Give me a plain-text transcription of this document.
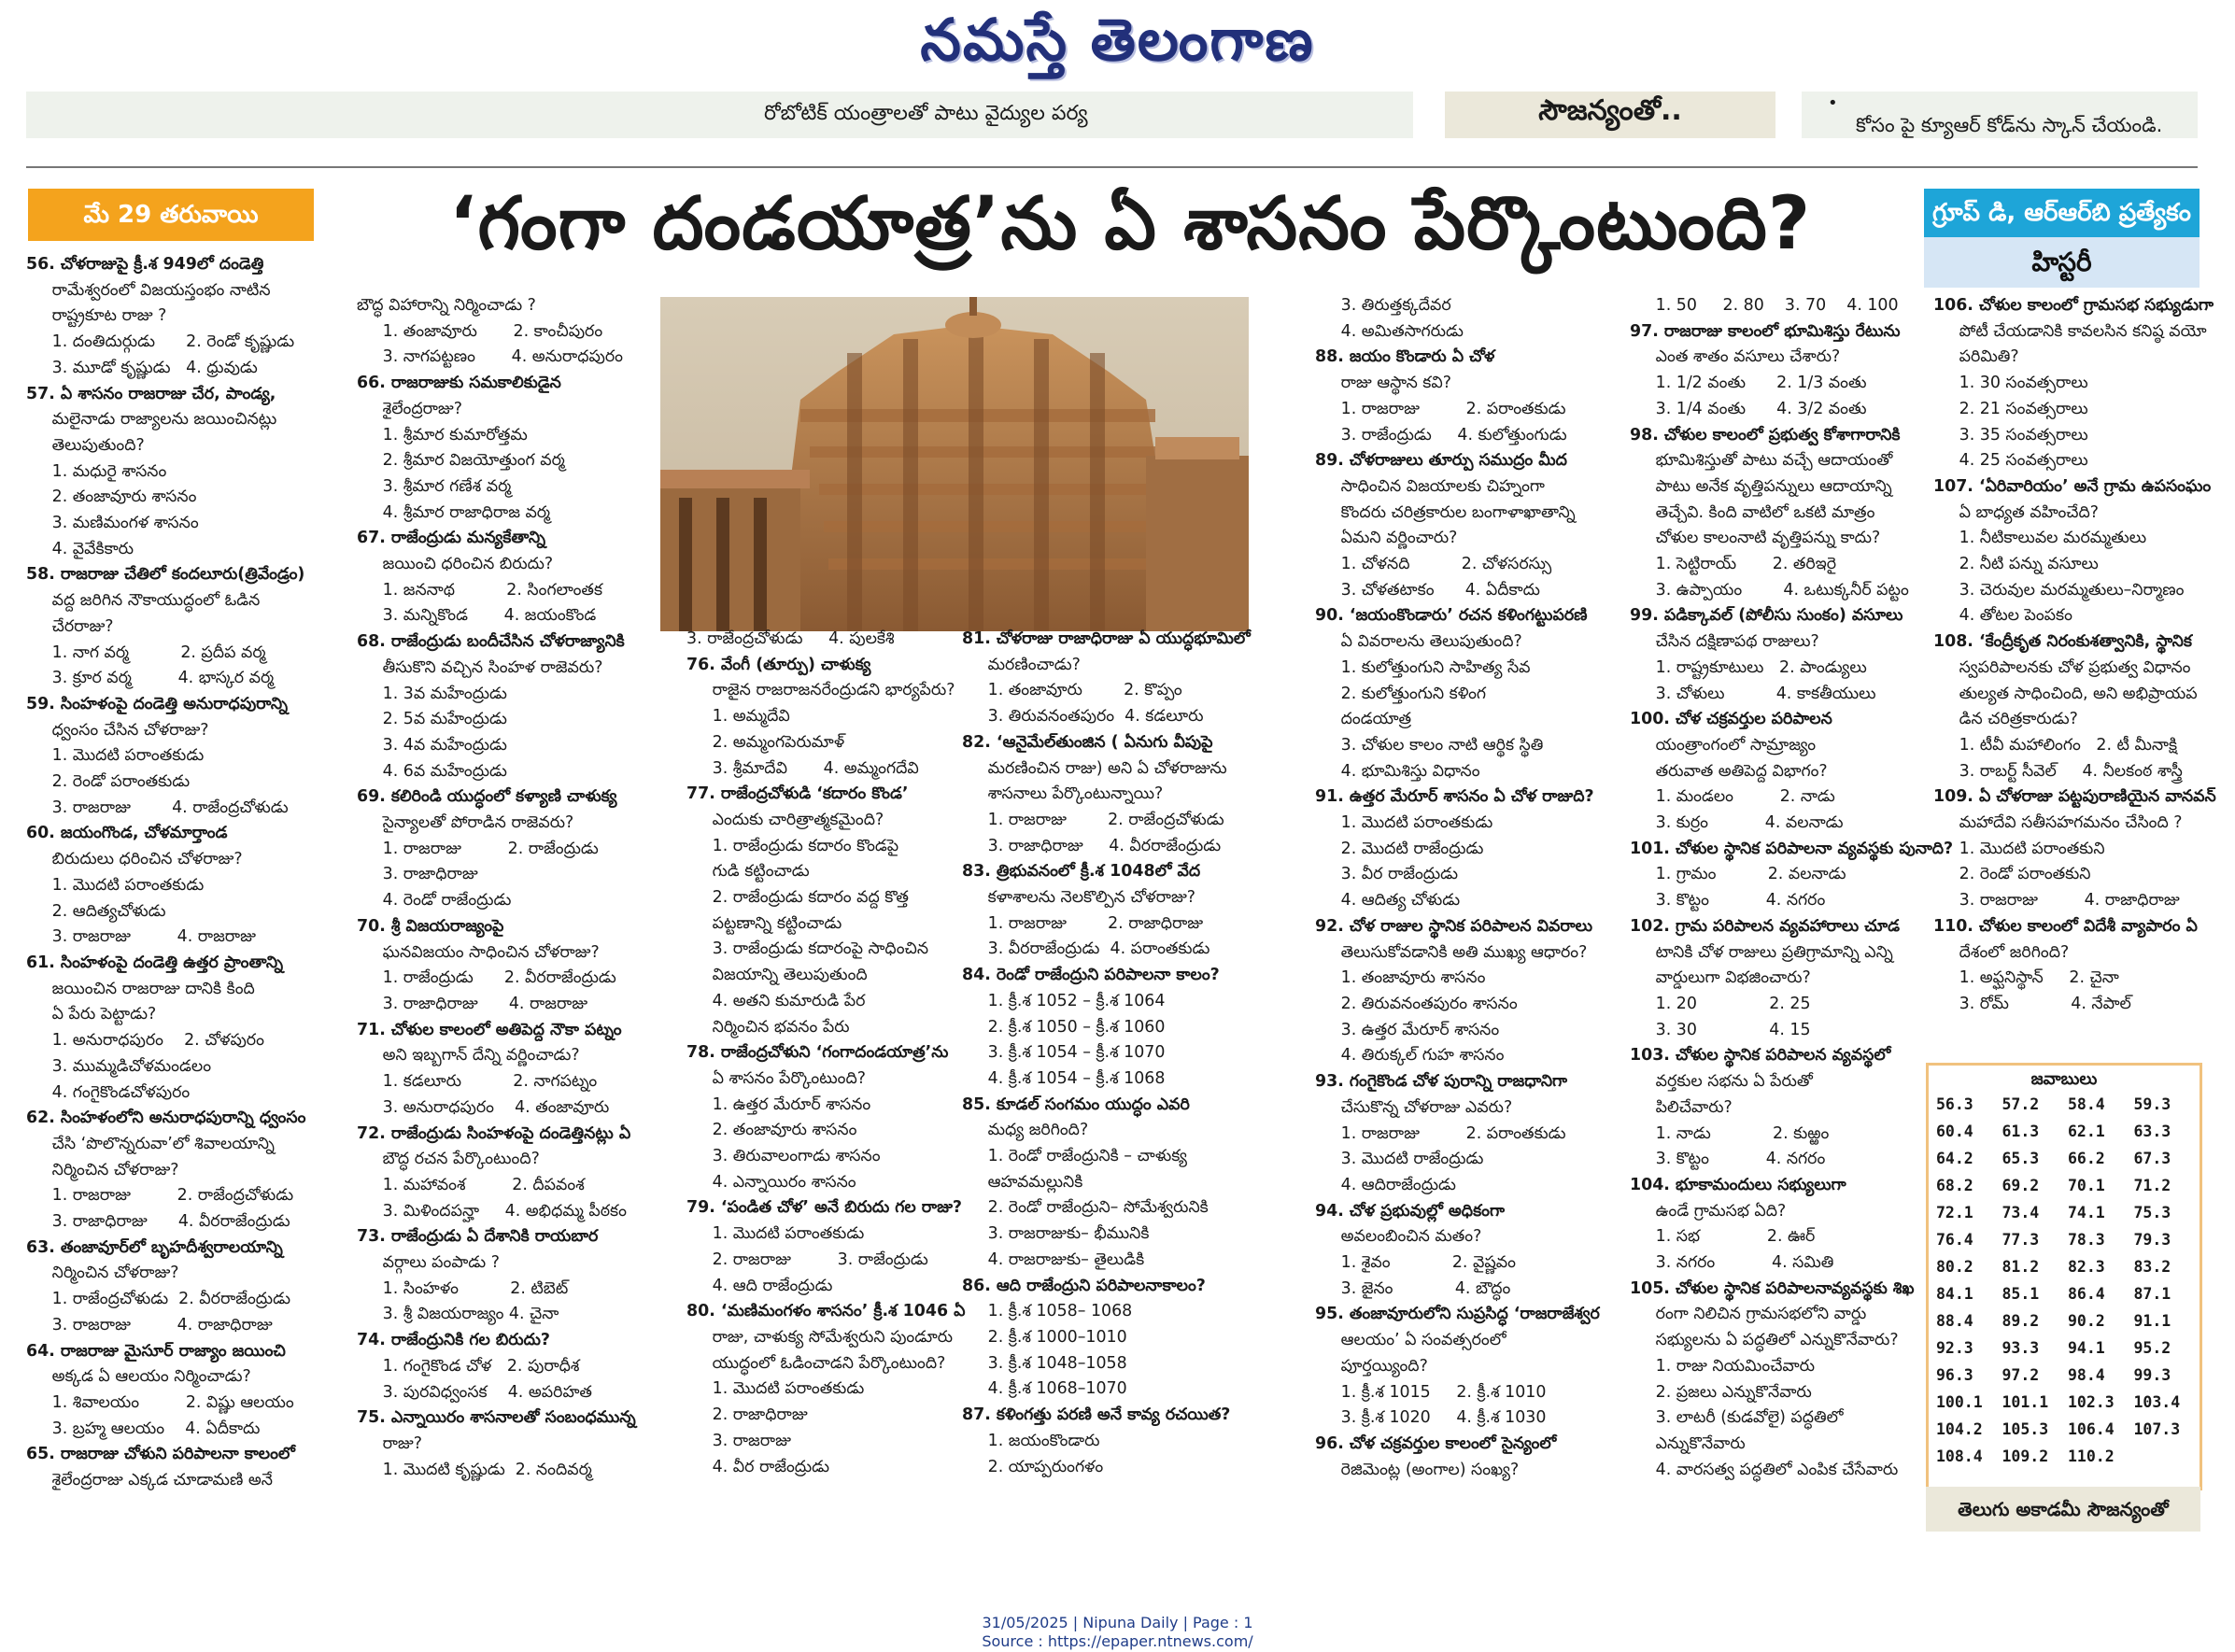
నమస్తే తెలంగాణ
రోబోటిక్ యంత్రాలతో పాటు వైద్యుల పర్య	సౌజన్యంతో..	•
కోసం పై క్యూఆర్ కోడ్‌ను స్కాన్ చేయండి.
మే 29 తరువాయి	‘గంగా దండయాత్ర’ను ఏ శాసనం పేర్కొంటుంది?	గ్రూప్ డి, ఆర్‌ఆర్‌బి ప్రత్యేకం
హిస్టరీ
56. చోళరాజుపై క్రీ.శ 949లో దండెత్తి
రామేశ్వరంలో విజయస్తంభం నాటిన
రాష్ట్రకూట రాజు ?
1. దంతిదుర్గుడు      2. రెండో కృష్ణుడు
3. మూడో కృష్ణుడు   4. ధ్రువుడు
57. ఏ శాసనం రాజరాజు చేర, పాండ్య,
మలైనాడు రాజ్యాలను జయించినట్లు
తెలుపుతుంది?
1. మధురై శాసనం
2. తంజావూరు శాసనం
3. మణిమంగళ శాసనం
4. వైవేకికారు
58. రాజరాజు చేతిలో కందలూరు(త్రివేండ్రం)
వద్ద జరిగిన నౌకాయుద్ధంలో ఓడిన
చేరరాజు?
1. నాగ వర్మ          2. ప్రదీప వర్మ
3. క్రూర వర్మ         4. భాస్కర వర్మ
59. సింహళంపై దండెత్తి అనురాధపురాన్ని
ధ్వంసం చేసిన చోళరాజు?
1. మొదటి పరాంతకుడు
2. రెండో పరాంతకుడు
3. రాజరాజు        4. రాజేంద్రచోళుడు
60. జయంగొండ, చోళమార్తాండ
బిరుదులు ధరించిన చోళరాజు?
1. మొదటి పరాంతకుడు
2. ఆదిత్యచోళుడు
3. రాజరాజు         4. రాజరాజు
61. సింహళంపై దండెత్తి ఉత్తర ప్రాంతాన్ని
జయించిన రాజరాజు దానికి కింది
ఏ పేరు పెట్టాడు?
1. అనురాధపురం    2. చోళపురం
3. ముమ్మడిచోళమండలం
4. గంగైకొండచోళపురం
62. సింహళంలోని అనురాధపురాన్ని ధ్వంసం
చేసి ‘పొలొన్నరువా’లో శివాలయాన్ని
నిర్మించిన చోళరాజు?
1. రాజరాజు         2. రాజేంద్రచోళుడు
3. రాజాధిరాజు      4. వీరరాజేంద్రుడు
63. తంజావూర్‌లో బృహదీశ్వరాలయాన్ని
నిర్మించిన చోళరాజు?
1. రాజేంద్రచోళుడు  2. వీరరాజేంద్రుడు
3. రాజరాజు         4. రాజాధిరాజు
64. రాజరాజు మైసూర్ రాజ్యాం జయించి
అక్కడ ఏ ఆలయం నిర్మించాడు?
1. శివాలయం         2. విష్ణు ఆలయం
3. బ్రహ్మ ఆలయం    4. ఏదీకాదు
65. రాజరాజు చోళుని పరిపాలనా కాలంలో
శైలేంద్రరాజు ఎక్కడ చూడామణి అనే
బౌద్ధ విహారాన్ని నిర్మించాడు ?
1. తంజావూరు       2. కాంచీపురం
3. నాగపట్టణం       4. అనురాధపురం
66. రాజరాజుకు సమకాలికుడైన
శైలేంద్రరాజు?
1. శ్రీమార కుమారోత్తమ
2. శ్రీమార విజయోత్తుంగ వర్మ
3. శ్రీమార గణేశ వర్మ
4. శ్రీమార రాజాధిరాజ వర్మ
67. రాజేంద్రుడు మన్యకేతాన్ని
జయించి ధరించిన బిరుదు?
1. జననాథ          2. సింగలాంతక
3. మన్నికొండ       4. జయంకొండ
68. రాజేంద్రుడు బందీచేసిన చోళరాజ్యానికి
తీసుకొని వచ్చిన సింహళ రాజెవరు?
1. 3వ మహేంద్రుడు
2. 5వ మహేంద్రుడు
3. 4వ మహేంద్రుడు
4. 6వ మహేంద్రుడు
69. కలిరిండి యుద్ధంలో కళ్యాణి చాళుక్య
సైన్యాలతో పోరాడిన రాజెవరు?
1. రాజరాజు         2. రాజేంద్రుడు
3. రాజాధిరాజు
4. రెండో రాజేంద్రుడు
70. శ్రీ విజయరాజ్యంపై
ఘనవిజయం సాధించిన చోళరాజు?
1. రాజేంద్రుడు      2. వీరరాజేంద్రుడు
3. రాజాధిరాజు      4. రాజరాజు
71. చోళుల కాలంలో అతిపెద్ద నౌకా పట్నం
అని ఇబ్బగాన్ దేన్ని వర్ణించాడు?
1. కడలూరు          2. నాగపట్నం
3. అనురాధపురం    4. తంజావూరు
72. రాజేంద్రుడు సింహళంపై దండెత్తినట్లు ఏ
బౌద్ధ రచన పేర్కొంటుంది?
1. మహావంశ         2. దీపవంశ
3. మిళిందపన్హా     4. అభిధమ్మ పీఠకం
73. రాజేంద్రుడు ఏ దేశానికి రాయబార
వర్గాలు పంపాడు ?
1. సింహళం          2. టిబెట్
3. శ్రీ విజయరాజ్యం 4. చైనా
74. రాజేంద్రునికి గల బిరుదు?
1. గంగైకొండ చోళ   2. పురాధీశ
3. పురవిధ్వంసక    4. అపరిహత
75. ఎన్నాయిరం శాసనాలతో సంబంధమున్న
రాజు?
1. మొదటి కృష్ణుడు  2. నందివర్మ
3. రాజేంద్రచోళుడు     4. పులకేశి
76. వేంగీ (తూర్పు) చాళుక్య
రాజైన రాజరాజనరేంద్రుడని భార్యపేరు?
1. అమ్మదేవి
2. అమ్మంగపెరుమాళ్
3. శ్రీమాదేవి       4. అమ్మంగదేవి
77. రాజేంద్రచోళుడి ‘కదారం కొండ’
ఎందుకు చారిత్రాత్మకమైంది?
1. రాజేంద్రుడు కదారం కొండపై
గుడి కట్టించాడు
2. రాజేంద్రుడు కదారం వద్ద కొత్త
పట్టణాన్ని కట్టించాడు
3. రాజేంద్రుడు కదారంపై సాధించిన
విజయాన్ని తెలుపుతుంది
4. అతని కుమారుడి పేర
నిర్మించిన భవనం పేరు
78. రాజేంద్రచోళుని ‘గంగాదండయాత్ర’ను
ఏ శాసనం పేర్కొంటుంది?
1. ఉత్తర మేరూర్ శాసనం
2. తంజావూరు శాసనం
3. తిరువాలంగాడు శాసనం
4. ఎన్నాయిరం శాసనం
79. ‘పండిత చోళ’ అనే బిరుదు గల రాజు?
1. మొదటి పరాంతకుడు
2. రాజరాజు         3. రాజేంద్రుడు
4. ఆది రాజేంద్రుడు
80. ‘మణిమంగళం శాసనం’ క్రీ.శ 1046 ఏ
రాజు, చాళుక్య సోమేశ్వరుని పుండూరు
యుద్ధంలో ఓడించాడని పేర్కొంటుంది?
1. మొదటి పరాంతకుడు
2. రాజాధిరాజు
3. రాజరాజు
4. వీర రాజేంద్రుడు
81. చోళరాజు రాజాధిరాజు ఏ యుద్ధభూమిలో
మరణించాడు?
1. తంజావూరు        2. కొప్పం
3. తిరువనంతపురం  4. కడలూరు
82. ‘ఆనైమేల్‌తుంజిన ( ఏనుగు వీపుపై
మరణించిన రాజు) అని ఏ చోళరాజును
శాసనాలు పేర్కొంటున్నాయి?
1. రాజరాజు        2. రాజేంద్రచోళుడు
3. రాజాధిరాజు     4. వీరరాజేంద్రుడు
83. త్రిభువనంలో క్రీ.శ 1048లో వేద
కళాశాలను నెలకొల్పిన చోళరాజు?
1. రాజరాజు        2. రాజాధిరాజు
3. వీరరాజేంద్రుడు  4. పరాంతకుడు
84. రెండో రాజేంద్రుని పరిపాలనా కాలం?
1. క్రీ.శ 1052 – క్రీ.శ 1064
2. క్రీ.శ 1050 – క్రీ.శ 1060
3. క్రీ.శ 1054 – క్రీ.శ 1070
4. క్రీ.శ 1054 – క్రీ.శ 1068
85. కూడల్ సంగమం యుద్ధం ఎవరి
మధ్య జరిగింది?
1. రెండో రాజేంద్రునికి – చాళుక్య
ఆహవమల్లునికి
2. రెండో రాజేంద్రుని– సోమేశ్వరునికి
3. రాజరాజుకు– భీమునికి
4. రాజరాజుకు– తైలుడికి
86. ఆది రాజేంద్రుని పరిపాలనాకాలం?
1. క్రీ.శ 1058– 1068
2. క్రీ.శ 1000–1010
3. క్రీ.శ 1048–1058
4. క్రీ.శ 1068–1070
87. కళింగత్తు పరణి అనే కావ్య రచయిత?
1. జయంకొండారు
2. యాప్పరుంగళం
3. తిరుత్తక్కదేవర
4. అమితసాగరుడు
88. జయం కొండారు ఏ చోళ
రాజు ఆస్థాన కవి?
1. రాజరాజు         2. పరాంతకుడు
3. రాజేంద్రుడు     4. కులోత్తుంగుడు
89. చోళరాజులు తూర్పు సముద్రం మీద
సాధించిన విజయాలకు చిహ్నంగా
కొందరు చరిత్రకారుల బంగాళాఖాతాన్ని
ఏమని వర్ణించారు?
1. చోళనది          2. చోళసరస్సు
3. చోళతటాకం      4. ఏదీకాదు
90. ‘జయంకొండారు’ రచన కళింగట్టుపరణి
ఏ వివరాలను తెలుపుతుంది?
1. కులోత్తుంగుని సాహిత్య సేవ
2. కులోత్తుంగుని కళింగ
దండయాత్ర
3. చోళుల కాలం నాటి ఆర్థిక స్థితి
4. భూమిశిస్తు విధానం
91. ఉత్తర మేరూర్ శాసనం ఏ చోళ రాజుది?
1. మొదటి పరాంతకుడు
2. మొదటి రాజేంద్రుడు
3. వీర రాజేంద్రుడు
4. ఆదిత్య చోళుడు
92. చోళ రాజుల స్థానిక పరిపాలన వివరాలు
తెలుసుకోవడానికి అతి ముఖ్య ఆధారం?
1. తంజావూరు శాసనం
2. తిరువనంతపురం శాసనం
3. ఉత్తర మేరూర్ శాసనం
4. తిరుక్కల్ గుహ శాసనం
93. గంగైకొండ చోళ పురాన్ని రాజధానిగా
చేసుకొన్న చోళరాజు ఎవరు?
1. రాజరాజు         2. పరాంతకుడు
3. మొదటి రాజేంద్రుడు
4. ఆదిరాజేంద్రుడు
94. చోళ ప్రభువుల్లో అధికంగా
అవలంబించిన మతం?
1. శైవం            2. వైష్ణవం
3. జైనం            4. బౌద్ధం
95. తంజావూరులోని సుప్రసిద్ధ ‘రాజరాజేశ్వర
ఆలయం’ ఏ సంవత్సరంలో
పూర్తయ్యింది?
1. క్రీ.శ 1015     2. క్రీ.శ 1010
3. క్రీ.శ 1020     4. క్రీ.శ 1030
96. చోళ చక్రవర్తుల కాలంలో సైన్యంలో
రెజిమెంట్ల (అంగాల) సంఖ్య?
1. 50     2. 80    3. 70    4. 100
97. రాజరాజు కాలంలో భూమిశిస్తు రేటును
ఎంత శాతం వసూలు చేశారు?
1. 1/2 వంతు      2. 1/3 వంతు
3. 1/4 వంతు      4. 3/2 వంతు
98. చోళుల కాలంలో ప్రభుత్వ కోశాగారానికి
భూమిశిస్తుతో పాటు వచ్చే ఆదాయంతో
పాటు అనేక వృత్తిపన్నులు ఆదాయాన్ని
తెచ్చేవి. కింది వాటిలో ఒకటి మాత్రం
చోళుల కాలంనాటి వృత్తిపన్ను కాదు?
1. సెట్టిరాయ్       2. తరిఇరై
3. ఉప్పాయం        4. ఒటుక్కనీర్ పట్టం
99. పడిక్కావల్ (పోలీసు సుంకం) వసూలు
చేసిన దక్షిణాపథ రాజులు?
1. రాష్ట్రకూటులు   2. పాండ్యులు
3. చోళులు          4. కాకతీయులు
100. చోళ చక్రవర్తుల పరిపాలన
యంత్రాంగంలో సామ్రాజ్యం
తరువాత అతిపెద్ద విభాగం?
1. మండలం         2. నాడు
3. కుర్రం           4. వలనాడు
101. చోళుల స్థానిక పరిపాలనా వ్యవస్థకు పునాది?
1. గ్రామం          2. వలనాడు
3. కొట్టం           4. నగరం
102. గ్రామ పరిపాలన వ్యవహారాలు చూడ
టానికి చోళ రాజులు ప్రతిగ్రామాన్ని ఎన్ని
వార్డులుగా విభజించారు?
1. 20              2. 25
3. 30              4. 15
103. చోళుల స్థానిక పరిపాలన వ్యవస్థలో
వర్తకుల సభను ఏ పేరుతో
పిలిచేవారు?
1. నాడు            2. కుఱ్ఱం
3. కొట్టం           4. నగరం
104. భూకామందులు సభ్యులుగా
ఉండే గ్రామసభ ఏది?
1. సభ             2. ఊర్
3. నగరం           4. సమితి
105. చోళుల స్థానిక పరిపాలనావ్యవస్థకు శిఖ
రంగా నిలిచిన గ్రామసభలోని వార్డు
సభ్యులను ఏ పద్ధతిలో ఎన్నుకొనేవారు?
1. రాజు నియమించేవారు
2. ప్రజలు ఎన్నుకొనేవారు
3. లాటరీ (కుడవోలై) పద్ధతిలో
ఎన్నుకొనేవారు
4. వారసత్వ పద్ధతిలో ఎంపిక చేసేవారు
106. చోళుల కాలంలో గ్రామసభ సభ్యుడుగా
పోటీ చేయడానికి కావలసిన కనిష్ఠ వయో
పరిమితి?
1. 30 సంవత్సరాలు
2. 21 సంవత్సరాలు
3. 35 సంవత్సరాలు
4. 25 సంవత్సరాలు
107. ‘ఏరివారియం’ అనే గ్రామ ఉపసంఘం
ఏ బాధ్యత వహించేది?
1. నీటికాలువల మరమ్మతులు
2. నీటి పన్ను వసూలు
3. చెరువుల మరమ్మతులు–నిర్మాణం
4. తోటల పెంపకం
108. ‘కేంద్రీకృత నిరంకుశత్వానికి, స్థానిక
స్వపరిపాలనకు చోళ ప్రభుత్వ విధానం
తుల్యత సాధించింది, అని అభిప్రాయప
డిన చరిత్రకారుడు?
1. టీవీ మహాలింగం   2. టీ మీనాక్షి
3. రాబర్ట్ సీవెల్     4. నీలకంఠ శాస్త్రీ
109. ఏ చోళరాజు పట్టపురాణియైన వానవన్
మహాదేవి సతీసహగమనం చేసింది ?
1. మొదటి పరాంతకుని
2. రెండో పరాంతకుని
3. రాజరాజు         4. రాజాధిరాజు
110. చోళుల కాలంలో విదేశీ వ్యాపారం ఏ
దేశంలో జరిగింది?
1. అఫ్ఘనిస్థాన్     2. చైనా
3. రోమ్            4. నేపాల్
జవాబులు
56.3	57.2	58.4	59.3
60.4	61.3	62.1	63.3
64.2	65.3	66.2	67.3
68.2	69.2	70.1	71.2
72.1	73.4	74.1	75.3
76.4	77.3	78.3	79.3
80.2	81.2	82.3	83.2
84.1	85.1	86.4	87.1
88.4	89.2	90.2	91.1
92.3	93.3	94.1	95.2
96.3	97.2	98.4	99.3
100.1	101.1	102.3	103.4
104.2	105.3	106.4	107.3
108.4	109.2	110.2
తెలుగు అకాడమీ సౌజన్యంతో
31/05/2025 | Nipuna Daily | Page : 1
Source : https://epaper.ntnews.com/
